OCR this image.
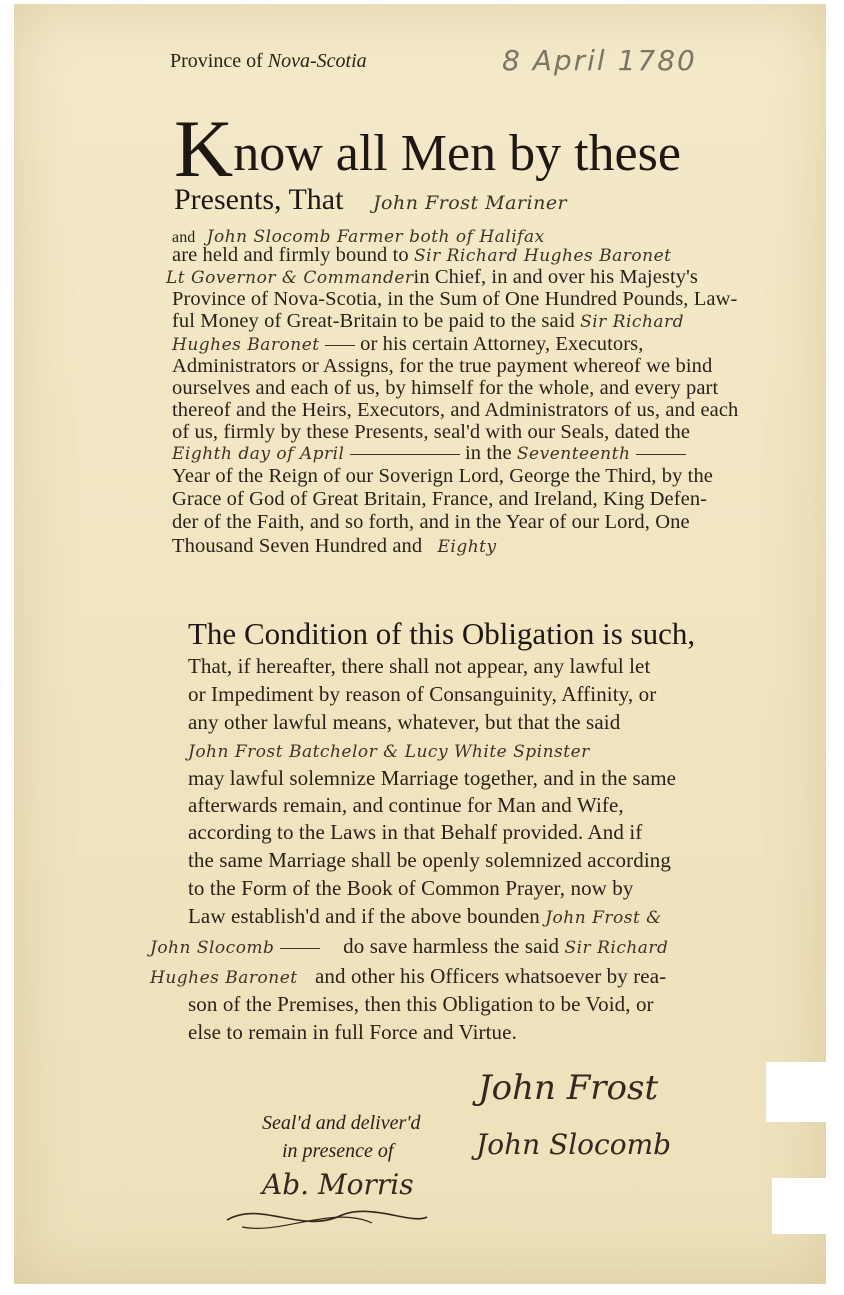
Province of Nova-Scotia	8 April 1780
Know all Men by these
Presents, That John Frost Mariner
and John Slocomb Farmer both of Halifax
are held and firmly bound to Sir Richard Hughes Baronet
Lt Governor & Commanderin Chief, in and over his Majesty's
Province of Nova-Scotia, in the Sum of One Hundred Pounds, Law-
ful Money of Great-Britain to be paid to the said Sir Richard
Hughes Baronet or his certain Attorney, Executors,
Administrators or Assigns, for the true payment whereof we bind
ourselves and each of us, by himself for the whole, and every part
thereof and the Heirs, Executors, and Administrators of us, and each
of us, firmly by these Presents, seal'd with our Seals, dated the
Eighth day of April	in the Seventeenth
Year of the Reign of our Soverign Lord, George the Third, by the
Grace of God of Great Britain, France, and Ireland, King Defen-
der of the Faith, and so forth, and in the Year of our Lord, One
Thousand Seven Hundred and Eighty
The Condition of this Obligation is such,
That, if hereafter, there shall not appear, any lawful let
or Impediment by reason of Consanguinity, Affinity, or
any other lawful means, whatever, but that the said
John Frost Batchelor & Lucy White Spinster
may lawful solemnize Marriage together, and in the same
afterwards remain, and continue for Man and Wife,
according to the Laws in that Behalf provided. And if
the same Marriage shall be openly solemnized according
to the Form of the Book of Common Prayer, now by
Law establish'd and if the above bounden John Frost &
John Slocomb	do save harmless the said Sir Richard
Hughes Baronet and other his Officers whatsoever by rea-
son of the Premises, then this Obligation to be Void, or
else to remain in full Force and Virtue.
Seal'd and deliver'd
in presence of
Ab. Morris
John Frost
John Slocomb
